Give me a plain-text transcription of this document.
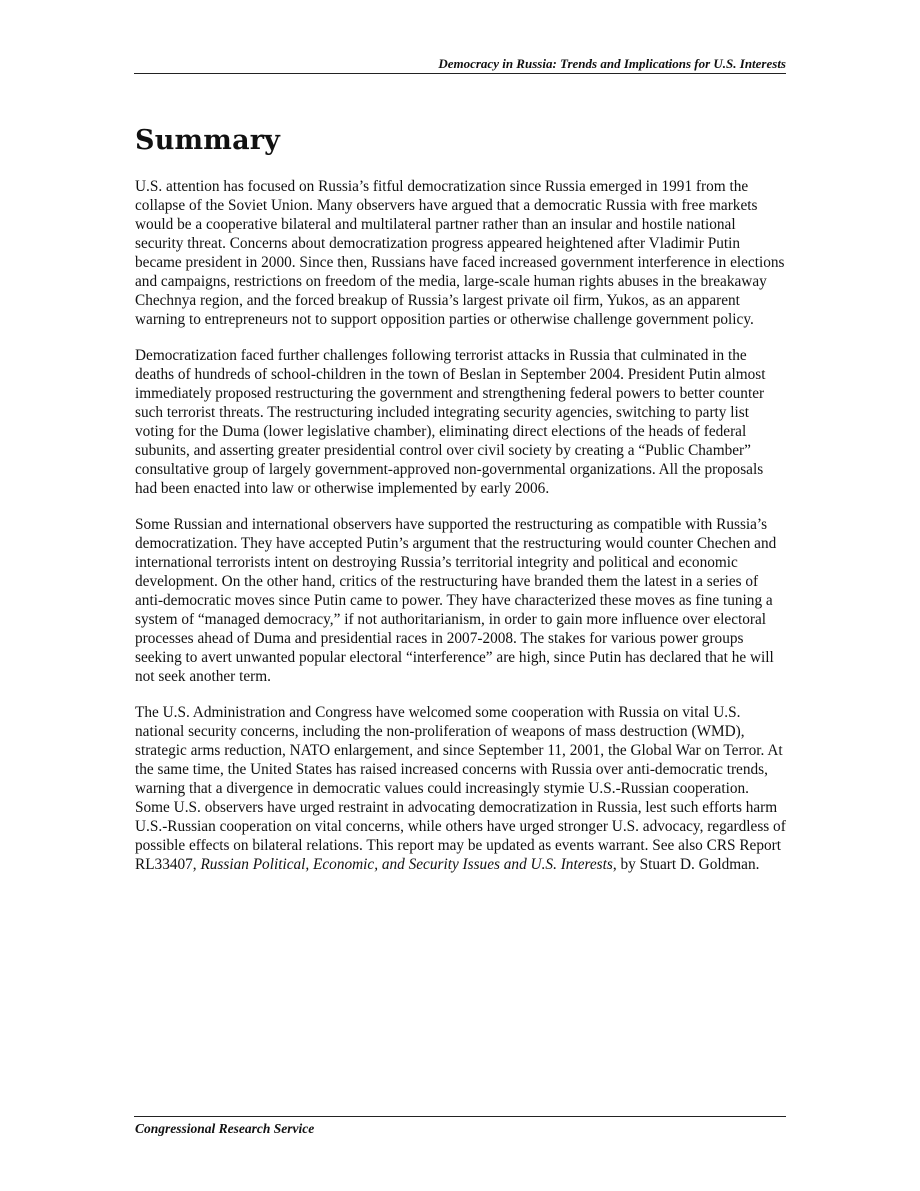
Democracy in Russia: Trends and Implications for U.S. Interests
Summary

U.S. attention has focused on Russia’s fitful democratization since Russia emerged in 1991 from the collapse of the Soviet Union. Many observers have argued that a democratic Russia with free markets would be a cooperative bilateral and multilateral partner rather than an insular and hostile national security threat. Concerns about democratization progress appeared heightened after Vladimir Putin became president in 2000. Since then, Russians have faced increased government interference in elections and campaigns, restrictions on freedom of the media, large-scale human rights abuses in the breakaway Chechnya region, and the forced breakup of Russia’s largest private oil firm, Yukos, as an apparent warning to entrepreneurs not to support opposition parties or otherwise challenge government policy.

Democratization faced further challenges following terrorist attacks in Russia that culminated in the deaths of hundreds of school-children in the town of Beslan in September 2004. President Putin almost immediately proposed restructuring the government and strengthening federal powers to better counter such terrorist threats. The restructuring included integrating security agencies, switching to party list voting for the Duma (lower legislative chamber), eliminating direct elections of the heads of federal subunits, and asserting greater presidential control over civil society by creating a “Public Chamber” consultative group of largely government-approved non-governmental organizations. All the proposals had been enacted into law or otherwise implemented by early 2006.

Some Russian and international observers have supported the restructuring as compatible with Russia’s democratization. They have accepted Putin’s argument that the restructuring would counter Chechen and international terrorists intent on destroying Russia’s territorial integrity and political and economic development. On the other hand, critics of the restructuring have branded them the latest in a series of anti-democratic moves since Putin came to power. They have characterized these moves as fine tuning a system of “managed democracy,” if not authoritarianism, in order to gain more influence over electoral processes ahead of Duma and presidential races in 2007-2008. The stakes for various power groups seeking to avert unwanted popular electoral “interference” are high, since Putin has declared that he will not seek another term.

The U.S. Administration and Congress have welcomed some cooperation with Russia on vital U.S. national security concerns, including the non-proliferation of weapons of mass destruction (WMD), strategic arms reduction, NATO enlargement, and since September 11, 2001, the Global War on Terror. At the same time, the United States has raised increased concerns with Russia over anti-democratic trends, warning that a divergence in democratic values could increasingly stymie U.S.-Russian cooperation. Some U.S. observers have urged restraint in advocating democratization in Russia, lest such efforts harm U.S.-Russian cooperation on vital concerns, while others have urged stronger U.S. advocacy, regardless of possible effects on bilateral relations. This report may be updated as events warrant. See also CRS Report RL33407, Russian Political, Economic, and Security Issues and U.S. Interests, by Stuart D. Goldman.

Congressional Research Service
